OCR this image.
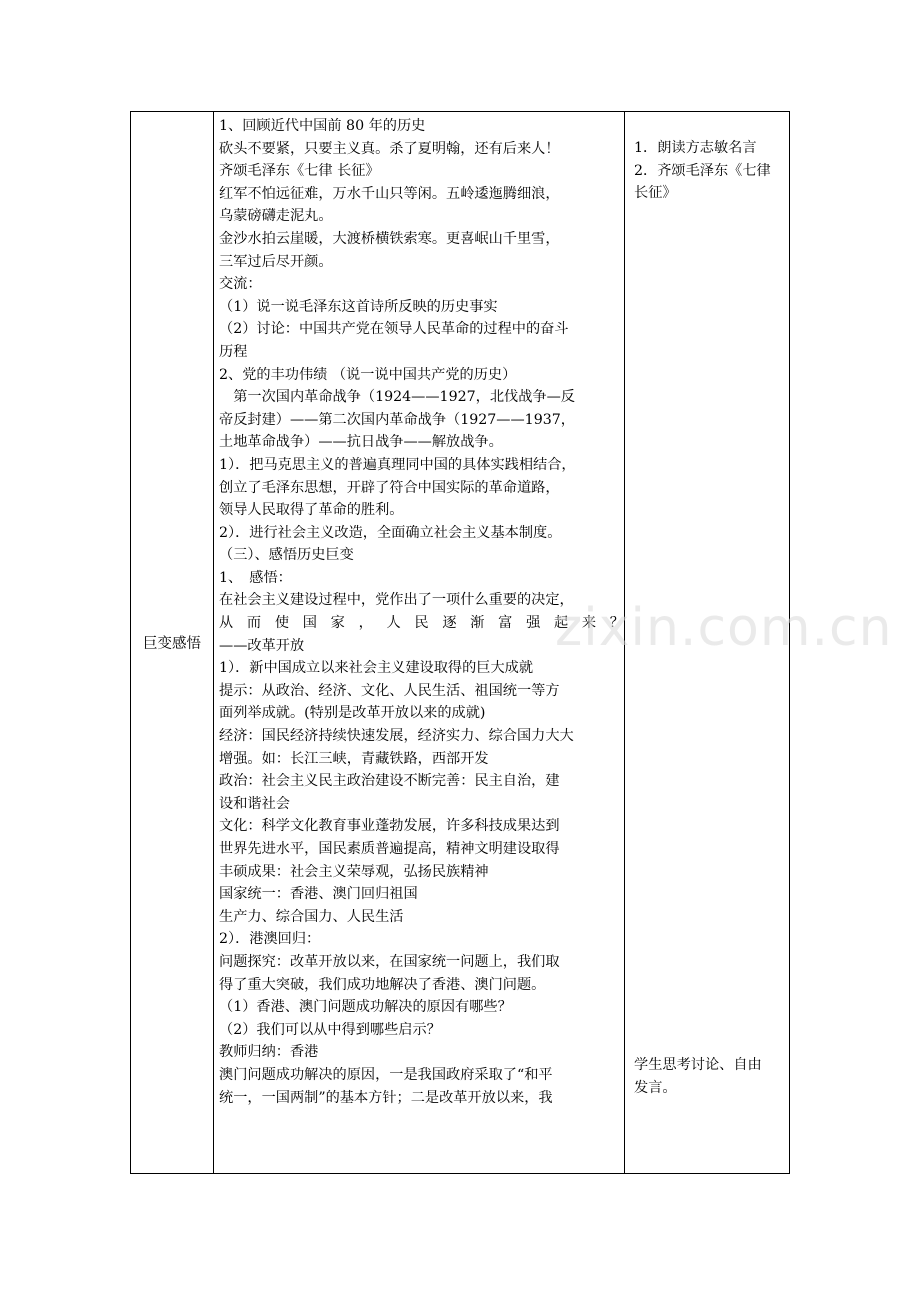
巨变感悟
1、回顾近代中国前 80 年的历史
砍头不要紧，只要主义真。杀了夏明翰，还有后来人！
齐颂毛泽东《七律 长征》
红军不怕远征难，万水千山只等闲。五岭逶迤腾细浪，
乌蒙磅礴走泥丸。
金沙水拍云崖暖，大渡桥横铁索寒。更喜岷山千里雪，
三军过后尽开颜。
交流：
（1）说一说毛泽东这首诗所反映的历史事实
（2）讨论：中国共产党在领导人民革命的过程中的奋斗
历程
2、党的丰功伟绩 （说一说中国共产党的历史）
　第一次国内革命战争（1924——1927，北伐战争—反
帝反封建）——第二次国内革命战争（1927——1937，
土地革命战争）——抗日战争——解放战争。
1）．把马克思主义的普遍真理同中国的具体实践相结合，
创立了毛泽东思想，开辟了符合中国实际的革命道路，
领导人民取得了革命的胜利。
2）．进行社会主义改造，全面确立社会主义基本制度。
（三）、感悟历史巨变
1、　感悟：
在社会主义建设过程中，党作出了一项什么重要的决定，
从 而 使 国 家 ， 人 民 逐 渐 富 强 起 来 ？
——改革开放
1）．新中国成立以来社会主义建设取得的巨大成就
提示：从政治、经济、文化、人民生活、祖国统一等方
面列举成就。(特别是改革开放以来的成就)
经济：国民经济持续快速发展，经济实力、综合国力大大
增强。如：长江三峡，青藏铁路，西部开发
政治：社会主义民主政治建设不断完善：民主自治，建
设和谐社会
文化：科学文化教育事业蓬勃发展，许多科技成果达到
世界先进水平，国民素质普遍提高，精神文明建设取得
丰硕成果：社会主义荣辱观，弘扬民族精神
国家统一：香港、澳门回归祖国
生产力、综合国力、人民生活
2）．港澳回归：
问题探究：改革开放以来，在国家统一问题上，我们取
得了重大突破，我们成功地解决了香港、澳门问题。
（1）香港、澳门问题成功解决的原因有哪些？
（2）我们可以从中得到哪些启示？
教师归纳：香港
澳门问题成功解决的原因，一是我国政府采取了“和平
统一，一国两制”的基本方针；二是改革开放以来，我
1．朗读方志敏名言
2．齐颂毛泽东《七律
长征》
学生思考讨论、自由
发言。
zixin.com.cn
